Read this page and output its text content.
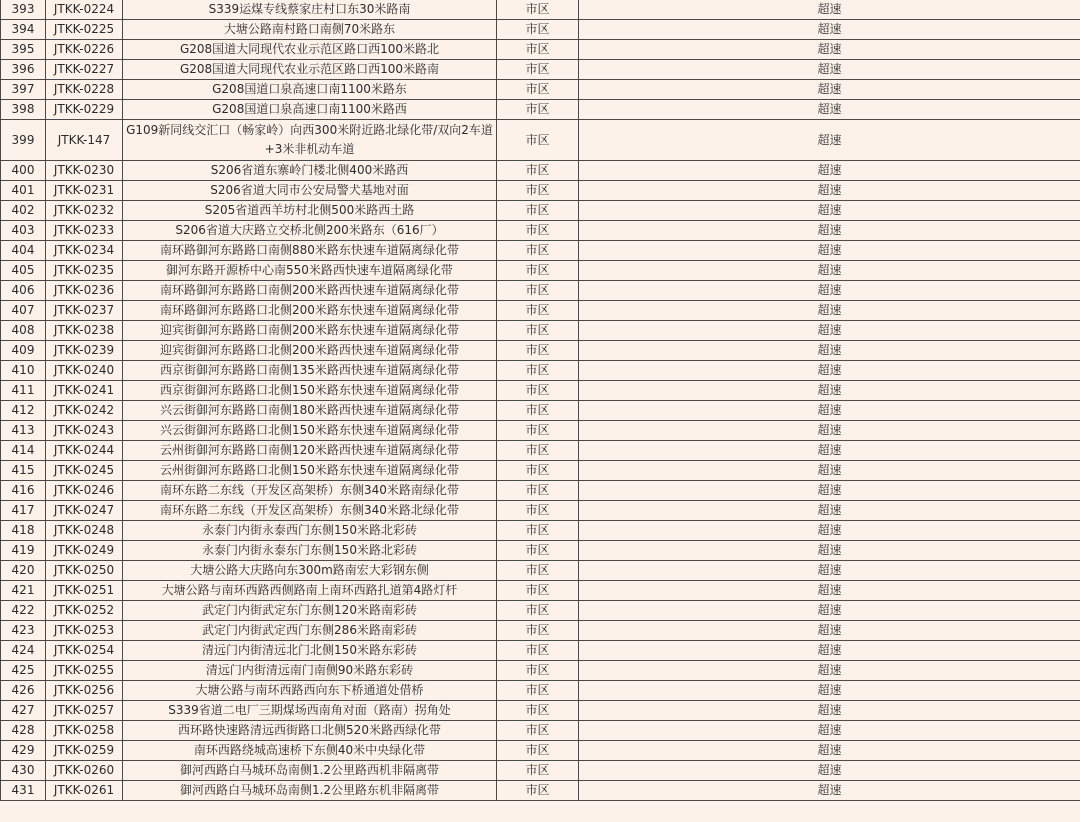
393	JTKK-0224	S339运煤专线蔡家庄村口东30米路南	市区	超速
394	JTKK-0225	大塘公路南村路口南侧70米路东	市区	超速
395	JTKK-0226	G208国道大同现代农业示范区路口西100米路北	市区	超速
396	JTKK-0227	G208国道大同现代农业示范区路口西100米路南	市区	超速
397	JTKK-0228	G208国道口泉高速口南1100米路东	市区	超速
398	JTKK-0229	G208国道口泉高速口南1100米路西	市区	超速
399	JTKK-147	G109新同线交汇口（畅家岭）向西300米附近路北绿化带/双向2车道+3米非机动车道	市区	超速
400	JTKK-0230	S206省道东寨岭门楼北侧400米路西	市区	超速
401	JTKK-0231	S206省道大同市公安局警犬基地对面	市区	超速
402	JTKK-0232	S205省道西羊坊村北侧500米路西土路	市区	超速
403	JTKK-0233	S206省道大庆路立交桥北侧200米路东（616厂）	市区	超速
404	JTKK-0234	南环路御河东路路口南侧880米路东快速车道隔离绿化带	市区	超速
405	JTKK-0235	御河东路开源桥中心南550米路西快速车道隔离绿化带	市区	超速
406	JTKK-0236	南环路御河东路路口南侧200米路西快速车道隔离绿化带	市区	超速
407	JTKK-0237	南环路御河东路路口北侧200米路东快速车道隔离绿化带	市区	超速
408	JTKK-0238	迎宾街御河东路路口南侧200米路东快速车道隔离绿化带	市区	超速
409	JTKK-0239	迎宾街御河东路路口北侧200米路西快速车道隔离绿化带	市区	超速
410	JTKK-0240	西京街御河东路路口南侧135米路西快速车道隔离绿化带	市区	超速
411	JTKK-0241	西京街御河东路路口北侧150米路东快速车道隔离绿化带	市区	超速
412	JTKK-0242	兴云街御河东路路口南侧180米路西快速车道隔离绿化带	市区	超速
413	JTKK-0243	兴云街御河东路路口北侧150米路东快速车道隔离绿化带	市区	超速
414	JTKK-0244	云州街御河东路路口南侧120米路西快速车道隔离绿化带	市区	超速
415	JTKK-0245	云州街御河东路路口北侧150米路东快速车道隔离绿化带	市区	超速
416	JTKK-0246	南环东路二东线（开发区高架桥）东侧340米路南绿化带	市区	超速
417	JTKK-0247	南环东路二东线（开发区高架桥）东侧340米路北绿化带	市区	超速
418	JTKK-0248	永泰门内街永泰西门东侧150米路北彩砖	市区	超速
419	JTKK-0249	永泰门内街永泰东门东侧150米路北彩砖	市区	超速
420	JTKK-0250	大塘公路大庆路向东300m路南宏大彩钢东侧	市区	超速
421	JTKK-0251	大塘公路与南环西路西侧路南上南环西路扎道第4路灯杆	市区	超速
422	JTKK-0252	武定门内街武定东门东侧120米路南彩砖	市区	超速
423	JTKK-0253	武定门内街武定西门东侧286米路南彩砖	市区	超速
424	JTKK-0254	清远门内街清远北门北侧150米路东彩砖	市区	超速
425	JTKK-0255	清远门内街清远南门南侧90米路东彩砖	市区	超速
426	JTKK-0256	大塘公路与南环西路西向东下桥通道处借桥	市区	超速
427	JTKK-0257	S339省道二电厂三期煤场西南角对面（路南）拐角处	市区	超速
428	JTKK-0258	西环路快速路清远西街路口北侧520米路西绿化带	市区	超速
429	JTKK-0259	南环西路绕城高速桥下东侧40米中央绿化带	市区	超速
430	JTKK-0260	御河西路白马城环岛南侧1.2公里路西机非隔离带	市区	超速
431	JTKK-0261	御河西路白马城环岛南侧1.2公里路东机非隔离带	市区	超速
